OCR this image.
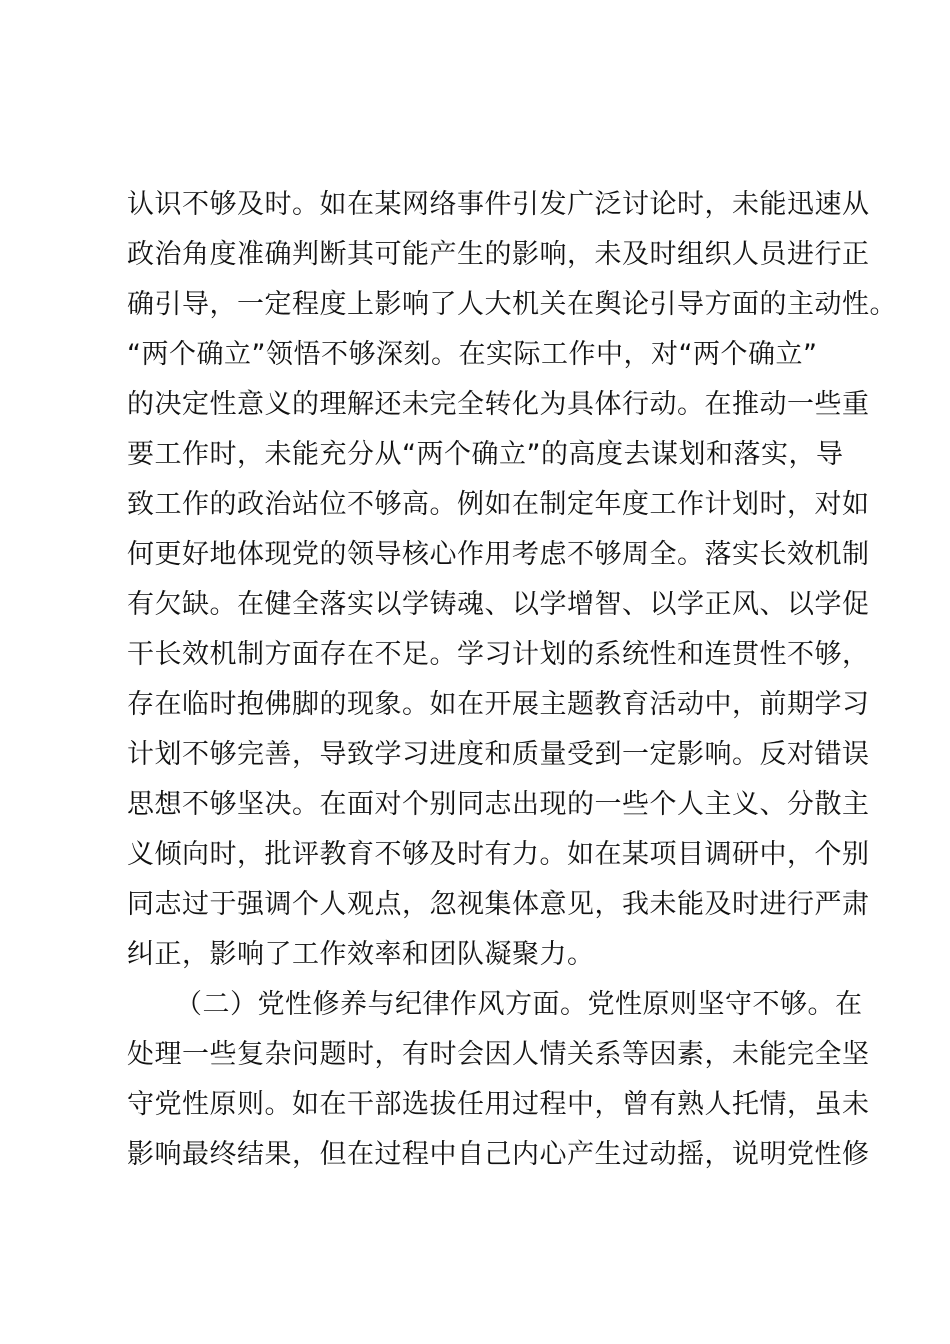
认识不够及时。如在某网络事件引发广泛讨论时，未能迅速从
政治角度准确判断其可能产生的影响，未及时组织人员进行正
确引导，一定程度上影响了人大机关在舆论引导方面的主动性。
“两个确立”领悟不够深刻。在实际工作中，对“两个确立”
的决定性意义的理解还未完全转化为具体行动。在推动一些重
要工作时，未能充分从“两个确立”的高度去谋划和落实，导
致工作的政治站位不够高。例如在制定年度工作计划时，对如
何更好地体现党的领导核心作用考虑不够周全。落实长效机制
有欠缺。在健全落实以学铸魂、以学增智、以学正风、以学促
干长效机制方面存在不足。学习计划的系统性和连贯性不够，
存在临时抱佛脚的现象。如在开展主题教育活动中，前期学习
计划不够完善，导致学习进度和质量受到一定影响。反对错误
思想不够坚决。在面对个别同志出现的一些个人主义、分散主
义倾向时，批评教育不够及时有力。如在某项目调研中，个别
同志过于强调个人观点，忽视集体意见，我未能及时进行严肃
纠正，影响了工作效率和团队凝聚力。
（二）党性修养与纪律作风方面。党性原则坚守不够。在
处理一些复杂问题时，有时会因人情关系等因素，未能完全坚
守党性原则。如在干部选拔任用过程中，曾有熟人托情，虽未
影响最终结果，但在过程中自己内心产生过动摇，说明党性修
